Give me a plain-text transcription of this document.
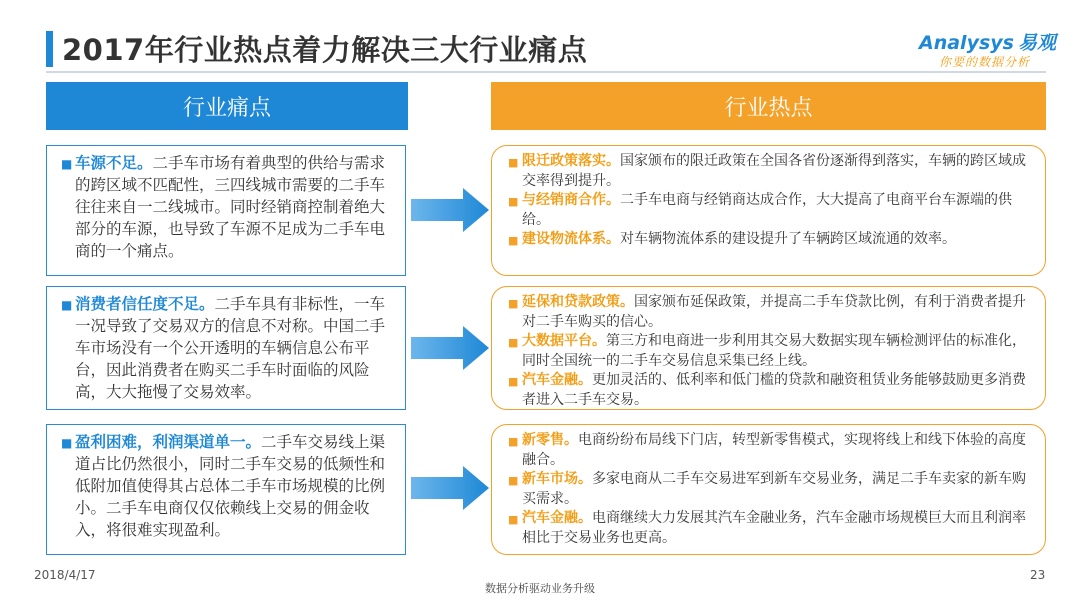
2017年行业热点着力解决三大行业痛点	Analysys 易观
你要的数据分析
行业痛点	行业热点
■ 车源不足。二手车市场有着典型的供给与需求的跨区域不匹配性，三四线城市需要的二手车往往来自一二线城市。同时经销商控制着绝大部分的车源，也导致了车源不足成为二手车电商的一个痛点。
■ 消费者信任度不足。二手车具有非标性，一车一况导致了交易双方的信息不对称。中国二手车市场没有一个公开透明的车辆信息公布平台，因此消费者在购买二手车时面临的风险高，大大拖慢了交易效率。
■ 盈利困难，利润渠道单一。二手车交易线上渠道占比仍然很小，同时二手车交易的低频性和低附加值使得其占总体二手车市场规模的比例小。二手车电商仅仅依赖线上交易的佣金收入，将很难实现盈利。
■ 限迁政策落实。国家颁布的限迁政策在全国各省份逐渐得到落实，车辆的跨区域成交率得到提升。
■ 与经销商合作。二手车电商与经销商达成合作，大大提高了电商平台车源端的供给。
■ 建设物流体系。对车辆物流体系的建设提升了车辆跨区域流通的效率。
■ 延保和贷款政策。国家颁布延保政策，并提高二手车贷款比例，有利于消费者提升对二手车购买的信心。
■ 大数据平台。第三方和电商进一步利用其交易大数据实现车辆检测评估的标准化，同时全国统一的二手车交易信息采集已经上线。
■ 汽车金融。更加灵活的、低利率和低门槛的贷款和融资租赁业务能够鼓励更多消费者进入二手车交易。
■ 新零售。电商纷纷布局线下门店，转型新零售模式，实现将线上和线下体验的高度融合。
■ 新车市场。多家电商从二手车交易进军到新车交易业务，满足二手车卖家的新车购买需求。
■ 汽车金融。电商继续大力发展其汽车金融业务，汽车金融市场规模巨大而且利润率相比于交易业务也更高。
2018/4/17
数据分析驱动业务升级
23
